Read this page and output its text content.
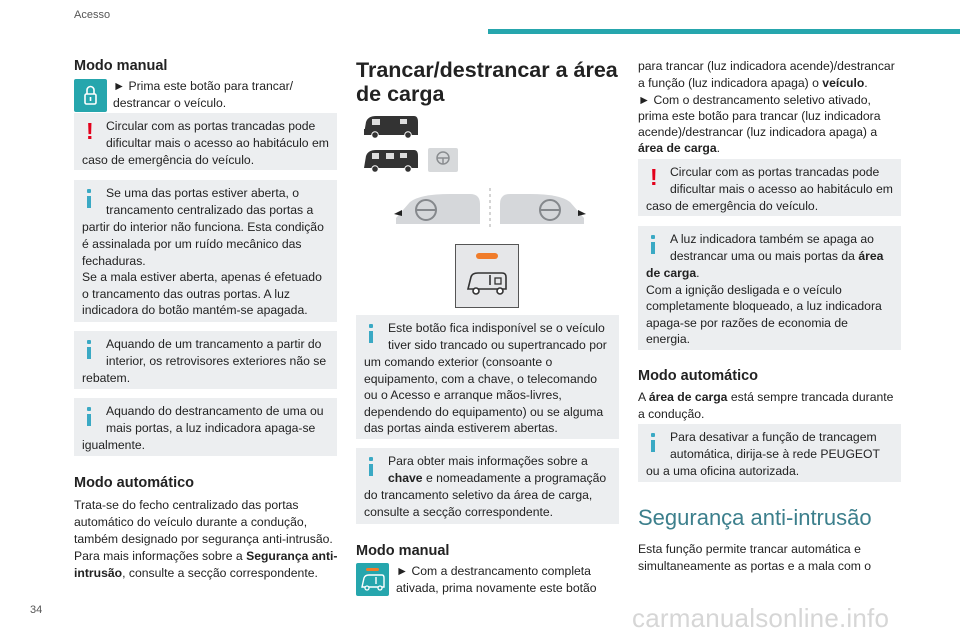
Acesso
Modo manual
► Prima este botão para trancar/
destrancar o veículo.
! Circular com as portas trancadas pode
dificultar mais o acesso ao habitáculo em
caso de emergência do veículo.
Se uma das portas estiver aberta, o
trancamento centralizado das portas a
partir do interior não funciona. Esta condição
é assinalada por um ruído mecânico das
fechaduras.
Se a mala estiver aberta, apenas é efetuado
o trancamento das outras portas. A luz
indicadora do botão mantém-se apagada.
Aquando de um trancamento a partir do
interior, os retrovisores exteriores não se
rebatem.
Aquando do destrancamento de uma ou
mais portas, a luz indicadora apaga-se
igualmente.
Modo automático
Trata-se do fecho centralizado das portas
automático do veículo durante a condução,
também designado por segurança anti-intrusão.
Para mais informações sobre a Segurança anti-
intrusão, consulte a secção correspondente.
Trancar/destrancar a área
de carga
Este botão fica indisponível se o veículo
tiver sido trancado ou supertrancado por
um comando exterior (consoante o
equipamento, com a chave, o telecomando
ou o Acesso e arranque mãos-livres,
dependendo do equipamento) ou se alguma
das portas ainda estiverem abertas.
Para obter mais informações sobre a
chave e nomeadamente a programação
do trancamento seletivo da área de carga,
consulte a secção correspondente.
Modo manual
► Com a destrancamento completa
ativada, prima novamente este botão
para trancar (luz indicadora acende)/destrancar
a função (luz indicadora apaga) o veículo.
► Com o destrancamento seletivo ativado,
prima este botão para trancar (luz indicadora
acende)/destrancar (luz indicadora apaga) a
área de carga.
! Circular com as portas trancadas pode
dificultar mais o acesso ao habitáculo em
caso de emergência do veículo.
A luz indicadora também se apaga ao
destrancar uma ou mais portas da área
de carga.
Com a ignição desligada e o veículo
completamente bloqueado, a luz indicadora
apaga-se por razões de economia de
energia.
Modo automático
A área de carga está sempre trancada durante
a condução.
Para desativar a função de trancagem
automática, dirija-se à rede PEUGEOT
ou a uma oficina autorizada.
Segurança anti-intrusão
Esta função permite trancar automática e
simultaneamente as portas e a mala com o
34	carmanualsonline.info
